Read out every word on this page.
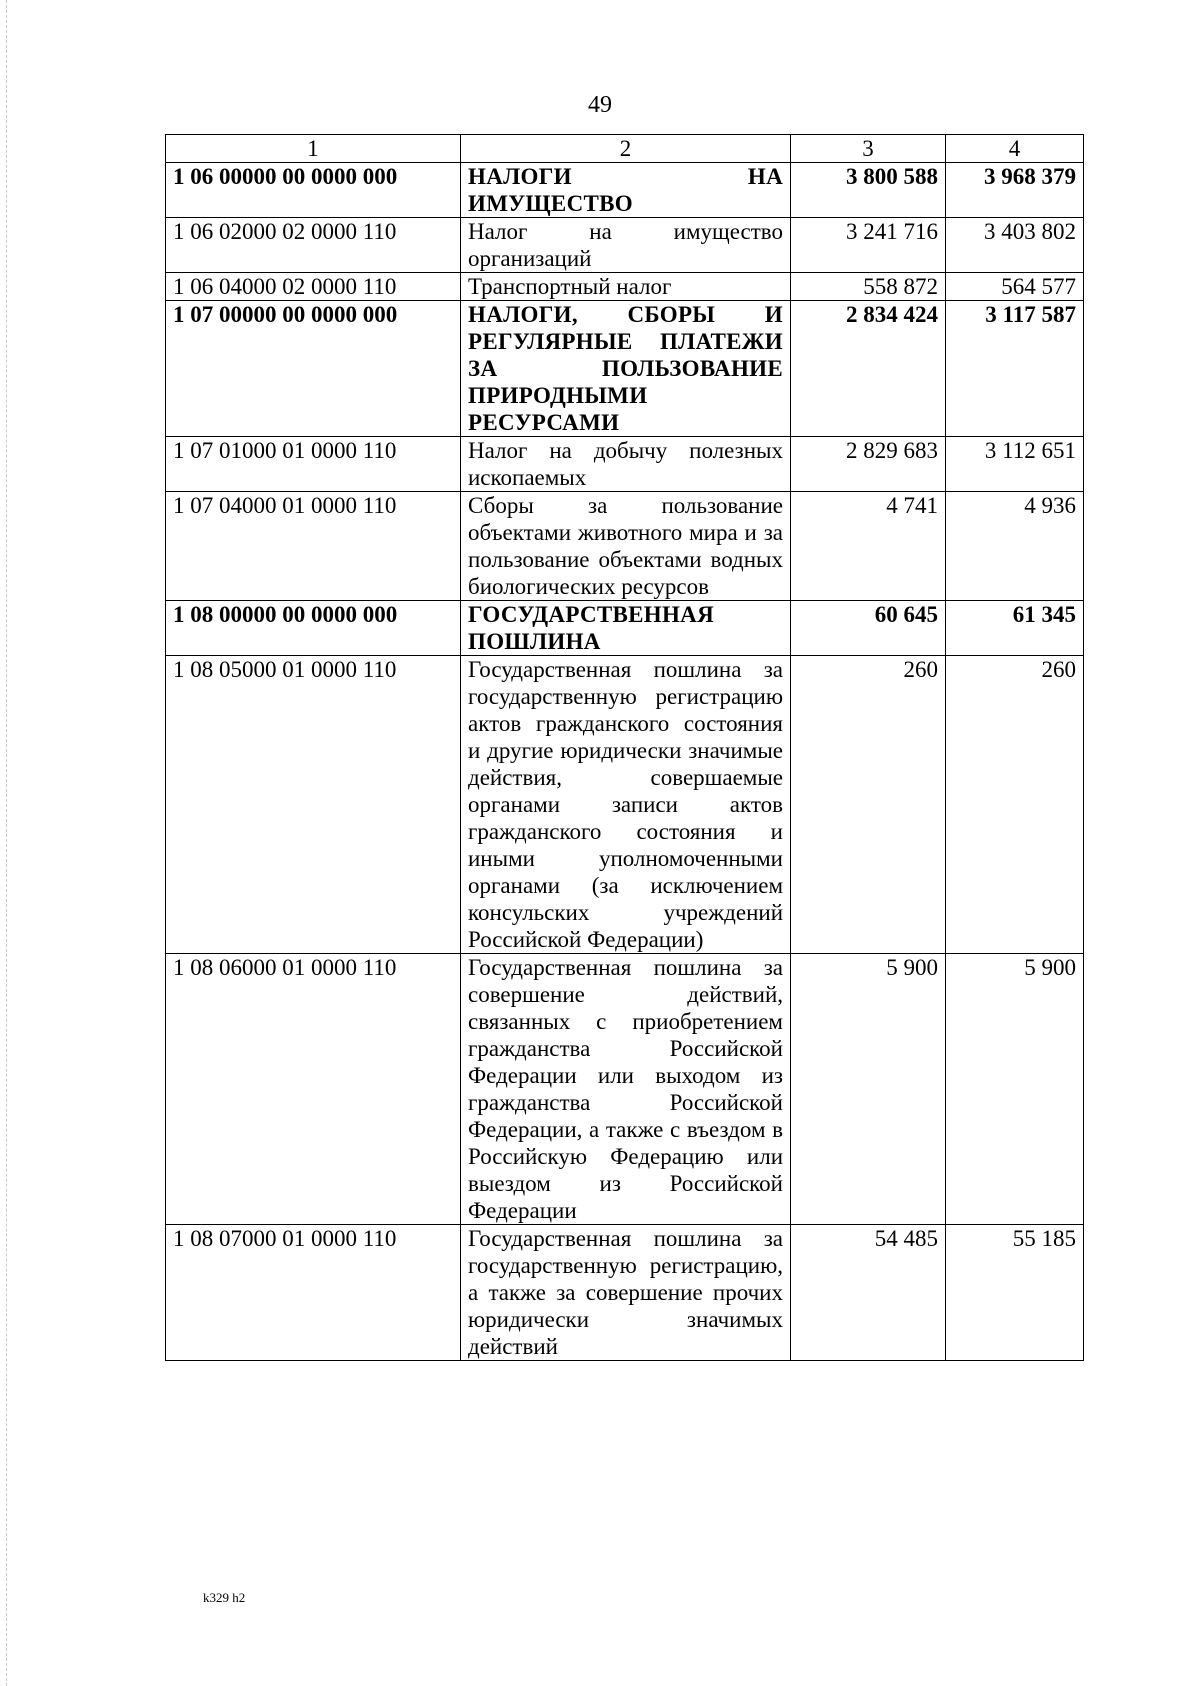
49
1	2	3	4
1 06 00000 00 0000 000	НАЛОГИ НА ИМУЩЕСТВО	3 800 588	3 968 379
1 06 02000 02 0000 110	Налог на имущество организаций	3 241 716	3 403 802
1 06 04000 02 0000 110	Транспортный налог	558 872	564 577
1 07 00000 00 0000 000	НАЛОГИ, СБОРЫ И РЕГУЛЯРНЫЕ ПЛАТЕЖИ ЗА ПОЛЬЗОВАНИЕ ПРИРОДНЫМИ РЕСУРСАМИ	2 834 424	3 117 587
1 07 01000 01 0000 110	Налог на добычу полезных ископаемых	2 829 683	3 112 651
1 07 04000 01 0000 110	Сборы за пользование объектами животного мира и за пользование объектами водных биологических ресурсов	4 741	4 936
1 08 00000 00 0000 000	ГОСУДАРСТВЕННАЯ ПОШЛИНА	60 645	61 345
1 08 05000 01 0000 110	Государственная пошлина за государственную регистрацию актов гражданского состояния и другие юридически значимые действия, совершаемые органами записи актов гражданского состояния и иными уполномоченными органами (за исключением консульских учреждений Российской Федерации)	260	260
1 08 06000 01 0000 110	Государственная пошлина за совершение действий, связанных с приобретением гражданства Российской Федерации или выходом из гражданства Российской Федерации, а также с въездом в Российскую Федерацию или выездом из Российской Федерации	5 900	5 900
1 08 07000 01 0000 110	Государственная пошлина за государственную регистрацию, а также за совершение прочих юридически значимых действий	54 485	55 185
k329 h2
